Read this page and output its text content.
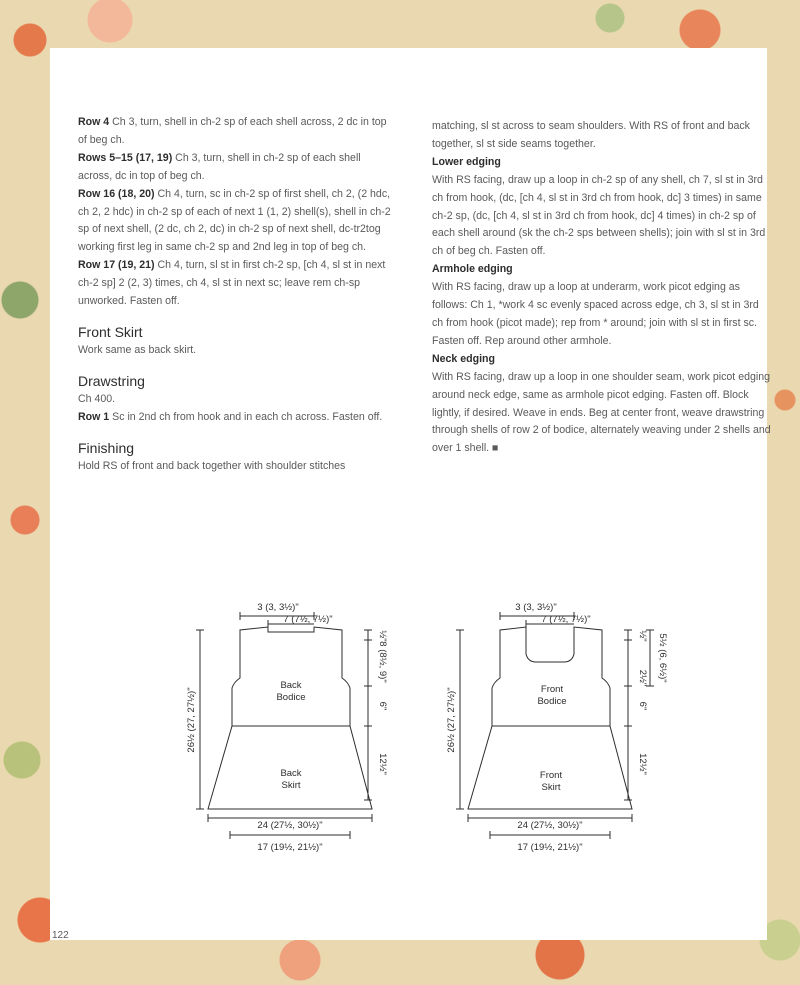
Row 4 Ch 3, turn, shell in ch-2 sp of each shell across, 2 dc in top of beg ch.

Rows 5–15 (17, 19) Ch 3, turn, shell in ch-2 sp of each shell across, dc in top of beg ch.

Row 16 (18, 20) Ch 4, turn, sc in ch-2 sp of first shell, ch 2, (2 hdc, ch 2, 2 hdc) in ch-2 sp of each of next 1 (1, 2) shell(s), shell in ch-2 sp of next shell, (2 dc, ch 2, dc) in ch-2 sp of next shell, dc-tr2tog working first leg in same ch-2 sp and 2nd leg in top of beg ch.

Row 17 (19, 21) Ch 4, turn, sl st in first ch-2 sp, [ch 4, sl st in next ch-2 sp] 2 (2, 3) times, ch 4, sl st in next sc; leave rem ch-sp unworked. Fasten off.

Front Skirt

Work same as back skirt.

Drawstring

Ch 400.

Row 1 Sc in 2nd ch from hook and in each ch across. Fasten off.

Finishing

Hold RS of front and back together with shoulder stitches

matching, sl st across to seam shoulders. With RS of front and back together, sl st side seams together.

Lower edging

With RS facing, draw up a loop in ch-2 sp of any shell, ch 7, sl st in 3rd ch from hook, (dc, [ch 4, sl st in 3rd ch from hook, dc] 3 times) in same ch-2 sp, (dc, [ch 4, sl st in 3rd ch from hook, dc] 4 times) in ch-2 sp of each shell around (sk the ch-2 sps between shells); join with sl st in 3rd ch of beg ch. Fasten off.

Armhole edging

With RS facing, draw up a loop at underarm, work picot edging as follows: Ch 1, *work 4 sc evenly spaced across edge, ch 3, sl st in 3rd ch from hook (picot made); rep from * around; join with sl st in first sc. Fasten off. Rep around other armhole.

Neck edging

With RS facing, draw up a loop in one shoulder seam, work picot edging around neck edge, same as armhole picot edging. Fasten off. Block lightly, if desired. Weave in ends. Beg at center front, weave drawstring through shells of row 2 of bodice, alternately weaving under 2 shells and over 1 shell. ■

3 (3, 3½)"
7 (7½, 7½)"
Back
Bodice
Back
Skirt
26½ (27, 27½)"
½"
8 (8½, 9)"
6"
12½"
24 (27½, 30½)"
17 (19½, 21½)"
3 (3, 3½)"
7 (7½, 7½)"
Front
Bodice
Front
Skirt
26½ (27, 27½)"
½"
2½" 5½ (6, 6½)"
6"
12½"
24 (27½, 30½)"
17 (19½, 21½)"
122
